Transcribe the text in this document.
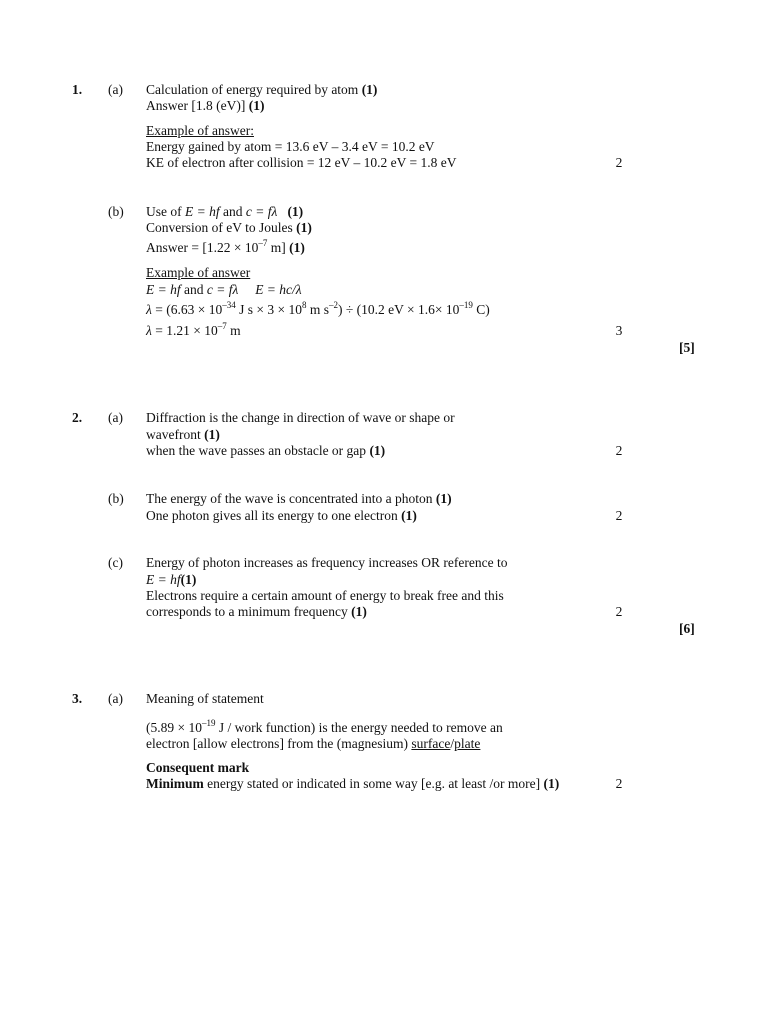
1. (a) Calculation of energy required by atom (1)
Answer [1.8 (eV)] (1)
Example of answer:
Energy gained by atom = 13.6 eV – 3.4 eV = 10.2 eV
KE of electron after collision = 12 eV – 10.2 eV = 1.8 eV	2
(b) Use of E = hf and c = fλ (1)
Conversion of eV to Joules (1)
Answer = [$1.22 \times 10^{-7}$ m] (1)
Example of answer
E = hf and c = fλ E = hc/λ
$\lambda = (6.63 \times 10^{-34}$ J $s \times 3 \times 10^8$ m $s^{-2}) \div (10.2$ eV × $1.6\times 10^{-19}$ C)
$\lambda = 1.21 \times 10^{-7}$ m	3
[5]
2. (a) Diffraction is the change in direction of wave or shape or
wavefront (1)
when the wave passes an obstacle or gap (1)	2
(b) The energy of the wave is concentrated into a photon (1)
One photon gives all its energy to one electron (1)	2
(c) Energy of photon increases as frequency increases OR reference to
E = hf(1)
Electrons require a certain amount of energy to break free and this
corresponds to a minimum frequency (1)	2
[6]
3. (a) Meaning of statement
($5.89 \times 10^{-19}$ J / work function) is the energy needed to remove an
electron [allow electrons] from the (magnesium) surface/plate
Consequent mark
Minimum energy stated or indicated in some way [e.g. at least /or more] (1)	2
